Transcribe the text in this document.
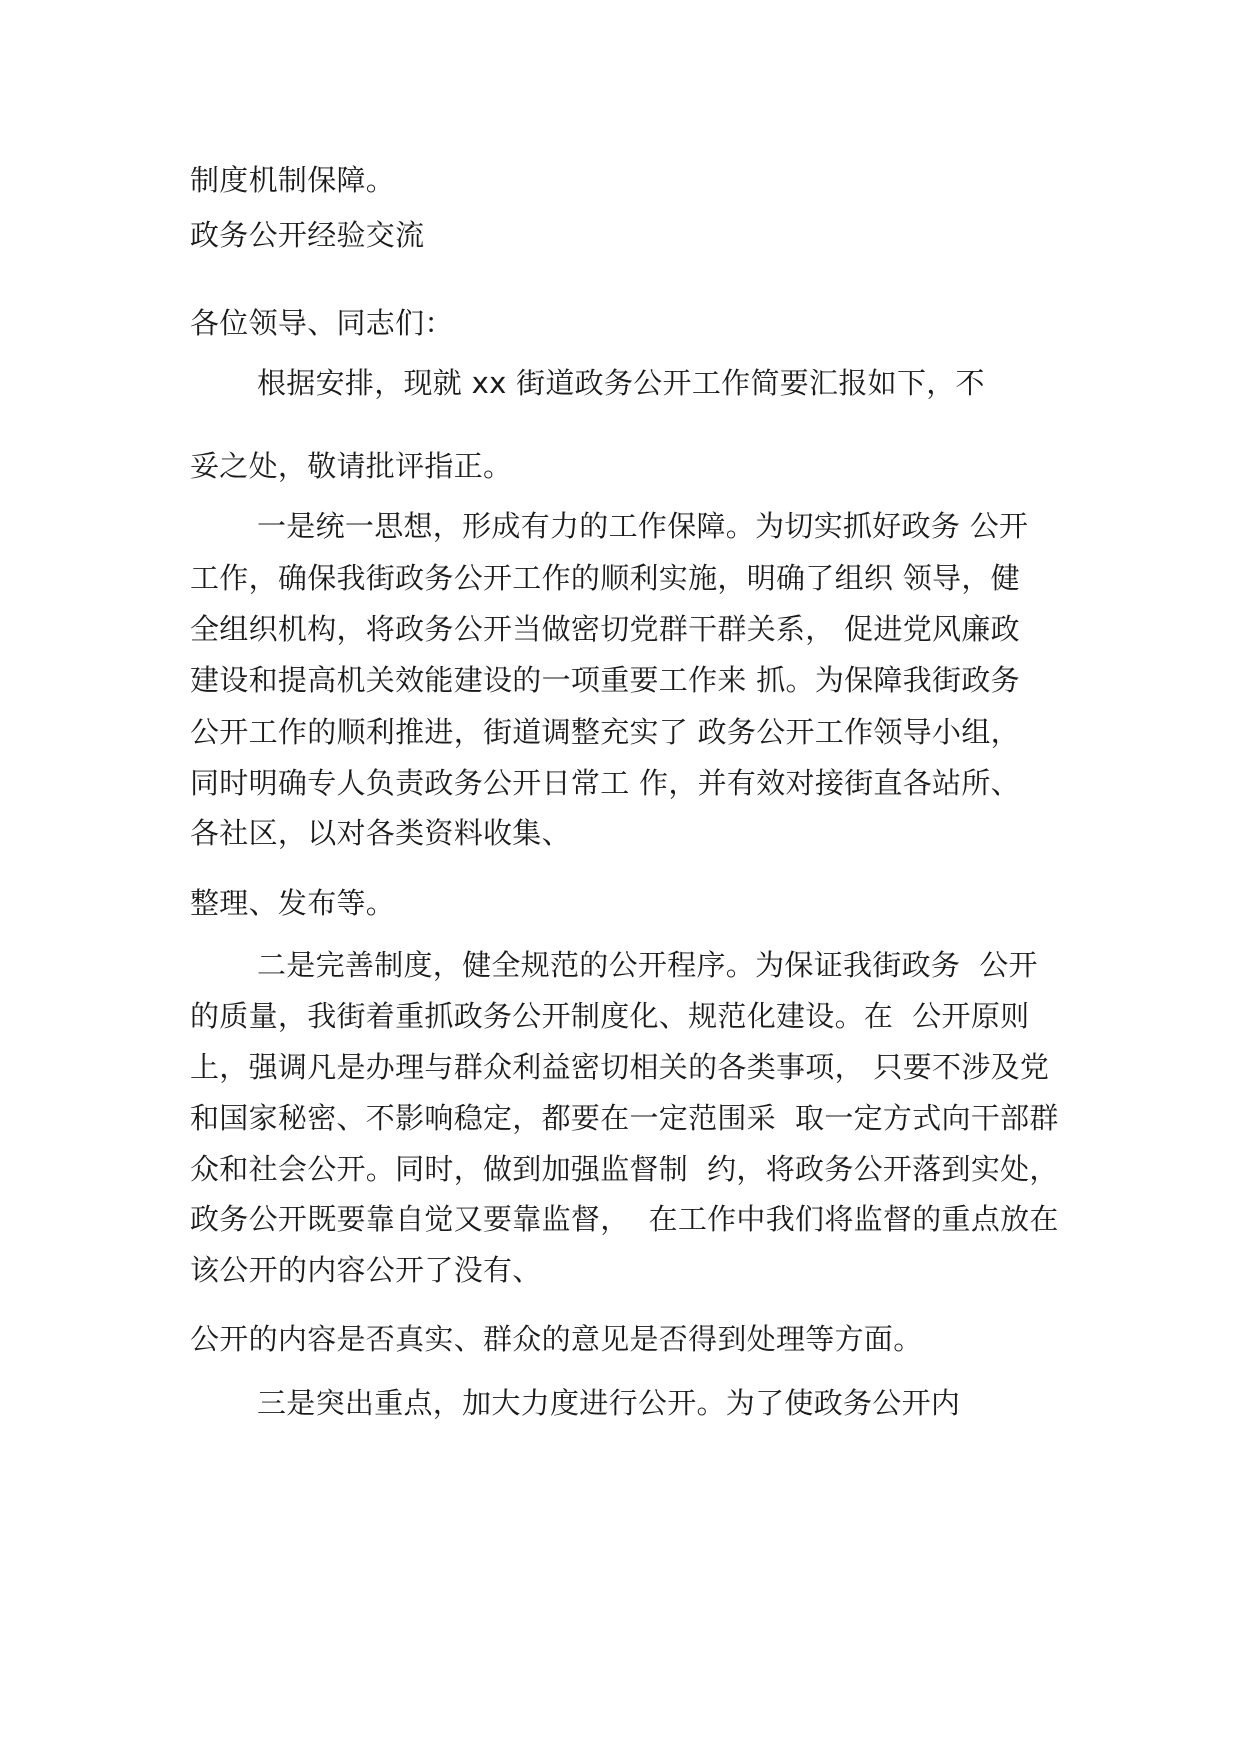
制度机制保障。

政务公开经验交流

各位领导、同志们：

根据安排，现就 xx 街道政务公开工作简要汇报如下，不

妥之处，敬请批评指正。

一是统一思想，形成有力的工作保障。为切实抓好政务 公开

工作，确保我街政务公开工作的顺利实施，明确了组织 领导，健

全组织机构，将政务公开当做密切党群干群关系， 促进党风廉政

建设和提高机关效能建设的一项重要工作来 抓。为保障我街政务

公开工作的顺利推进，街道调整充实了 政务公开工作领导小组，

同时明确专人负责政务公开日常工 作，并有效对接街直各站所、

各社区，以对各类资料收集、

整理、发布等。

二是完善制度，健全规范的公开程序。为保证我街政务  公开

的质量，我街着重抓政务公开制度化、规范化建设。在  公开原则

上，强调凡是办理与群众利益密切相关的各类事项， 只要不涉及党

和国家秘密、不影响稳定，都要在一定范围采  取一定方式向干部群

众和社会公开。同时，做到加强监督制  约，将政务公开落到实处，

政务公开既要靠自觉又要靠监督，  在工作中我们将监督的重点放在

该公开的内容公开了没有、

公开的内容是否真实、群众的意见是否得到处理等方面。

三是突出重点，加大力度进行公开。为了使政务公开内
